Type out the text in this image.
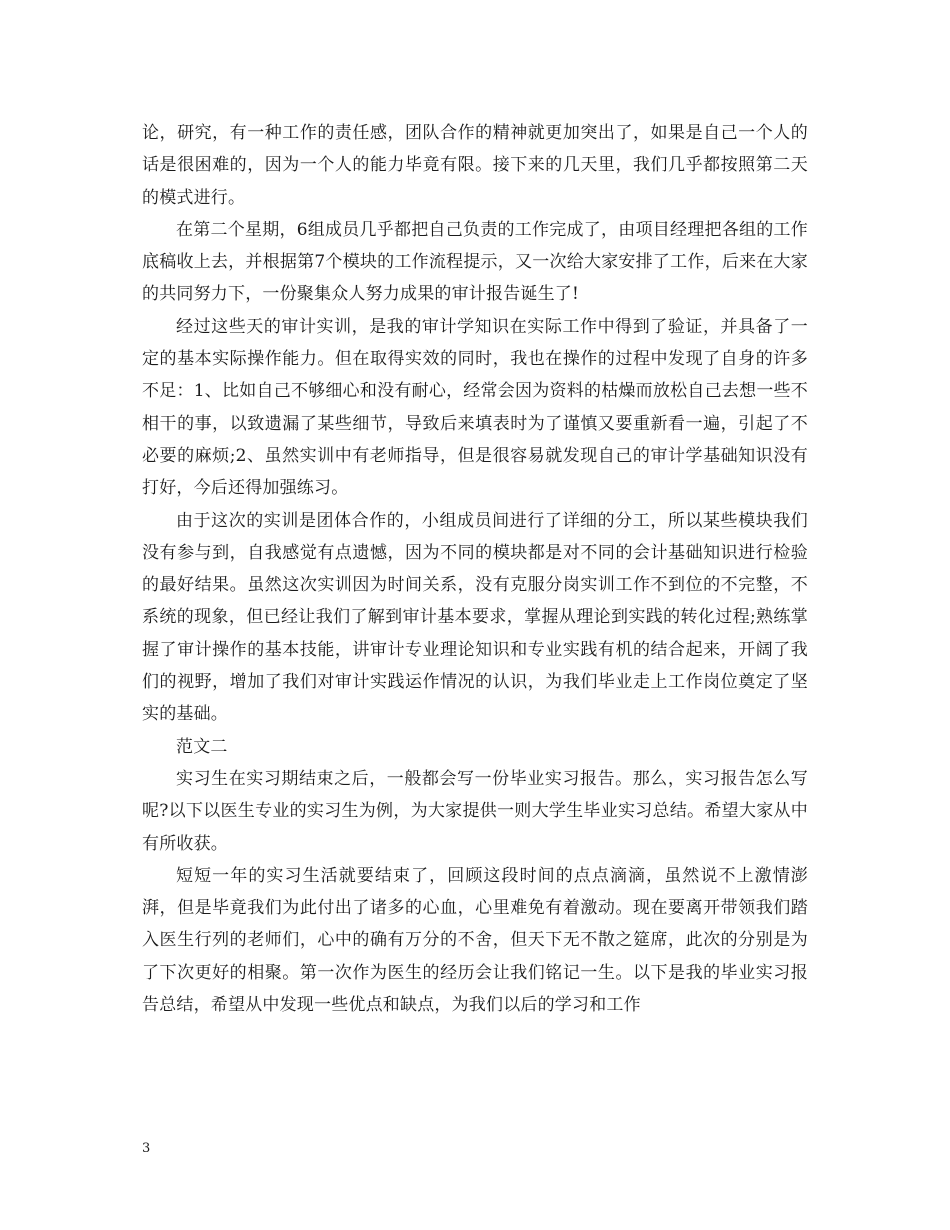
论，研究，有一种工作的责任感，团队合作的精神就更加突出了，如果是自己一个人的话是很困难的，因为一个人的能力毕竟有限。接下来的几天里，我们几乎都按照第二天的模式进行。

在第二个星期，6组成员几乎都把自己负责的工作完成了，由项目经理把各组的工作底稿收上去，并根据第7个模块的工作流程提示，又一次给大家安排了工作，后来在大家的共同努力下，一份聚集众人努力成果的审计报告诞生了!

经过这些天的审计实训，是我的审计学知识在实际工作中得到了验证，并具备了一定的基本实际操作能力。但在取得实效的同时，我也在操作的过程中发现了自身的许多不足：1、比如自己不够细心和没有耐心，经常会因为资料的枯燥而放松自己去想一些不相干的事，以致遗漏了某些细节，导致后来填表时为了谨慎又要重新看一遍，引起了不必要的麻烦;2、虽然实训中有老师指导，但是很容易就发现自己的审计学基础知识没有打好，今后还得加强练习。

由于这次的实训是团体合作的，小组成员间进行了详细的分工，所以某些模块我们没有参与到，自我感觉有点遗憾，因为不同的模块都是对不同的会计基础知识进行检验的最好结果。虽然这次实训因为时间关系，没有克服分岗实训工作不到位的不完整，不系统的现象，但已经让我们了解到审计基本要求，掌握从理论到实践的转化过程;熟练掌握了审计操作的基本技能，讲审计专业理论知识和专业实践有机的结合起来，开阔了我们的视野，增加了我们对审计实践运作情况的认识，为我们毕业走上工作岗位奠定了坚实的基础。

范文二

实习生在实习期结束之后，一般都会写一份毕业实习报告。那么，实习报告怎么写呢?以下以医生专业的实习生为例，为大家提供一则大学生毕业实习总结。希望大家从中有所收获。

短短一年的实习生活就要结束了，回顾这段时间的点点滴滴，虽然说不上激情澎湃，但是毕竟我们为此付出了诸多的心血，心里难免有着激动。现在要离开带领我们踏入医生行列的老师们，心中的确有万分的不舍，但天下无不散之筵席，此次的分别是为了下次更好的相聚。第一次作为医生的经历会让我们铭记一生。以下是我的毕业实习报告总结，希望从中发现一些优点和缺点，为我们以后的学习和工作

3
